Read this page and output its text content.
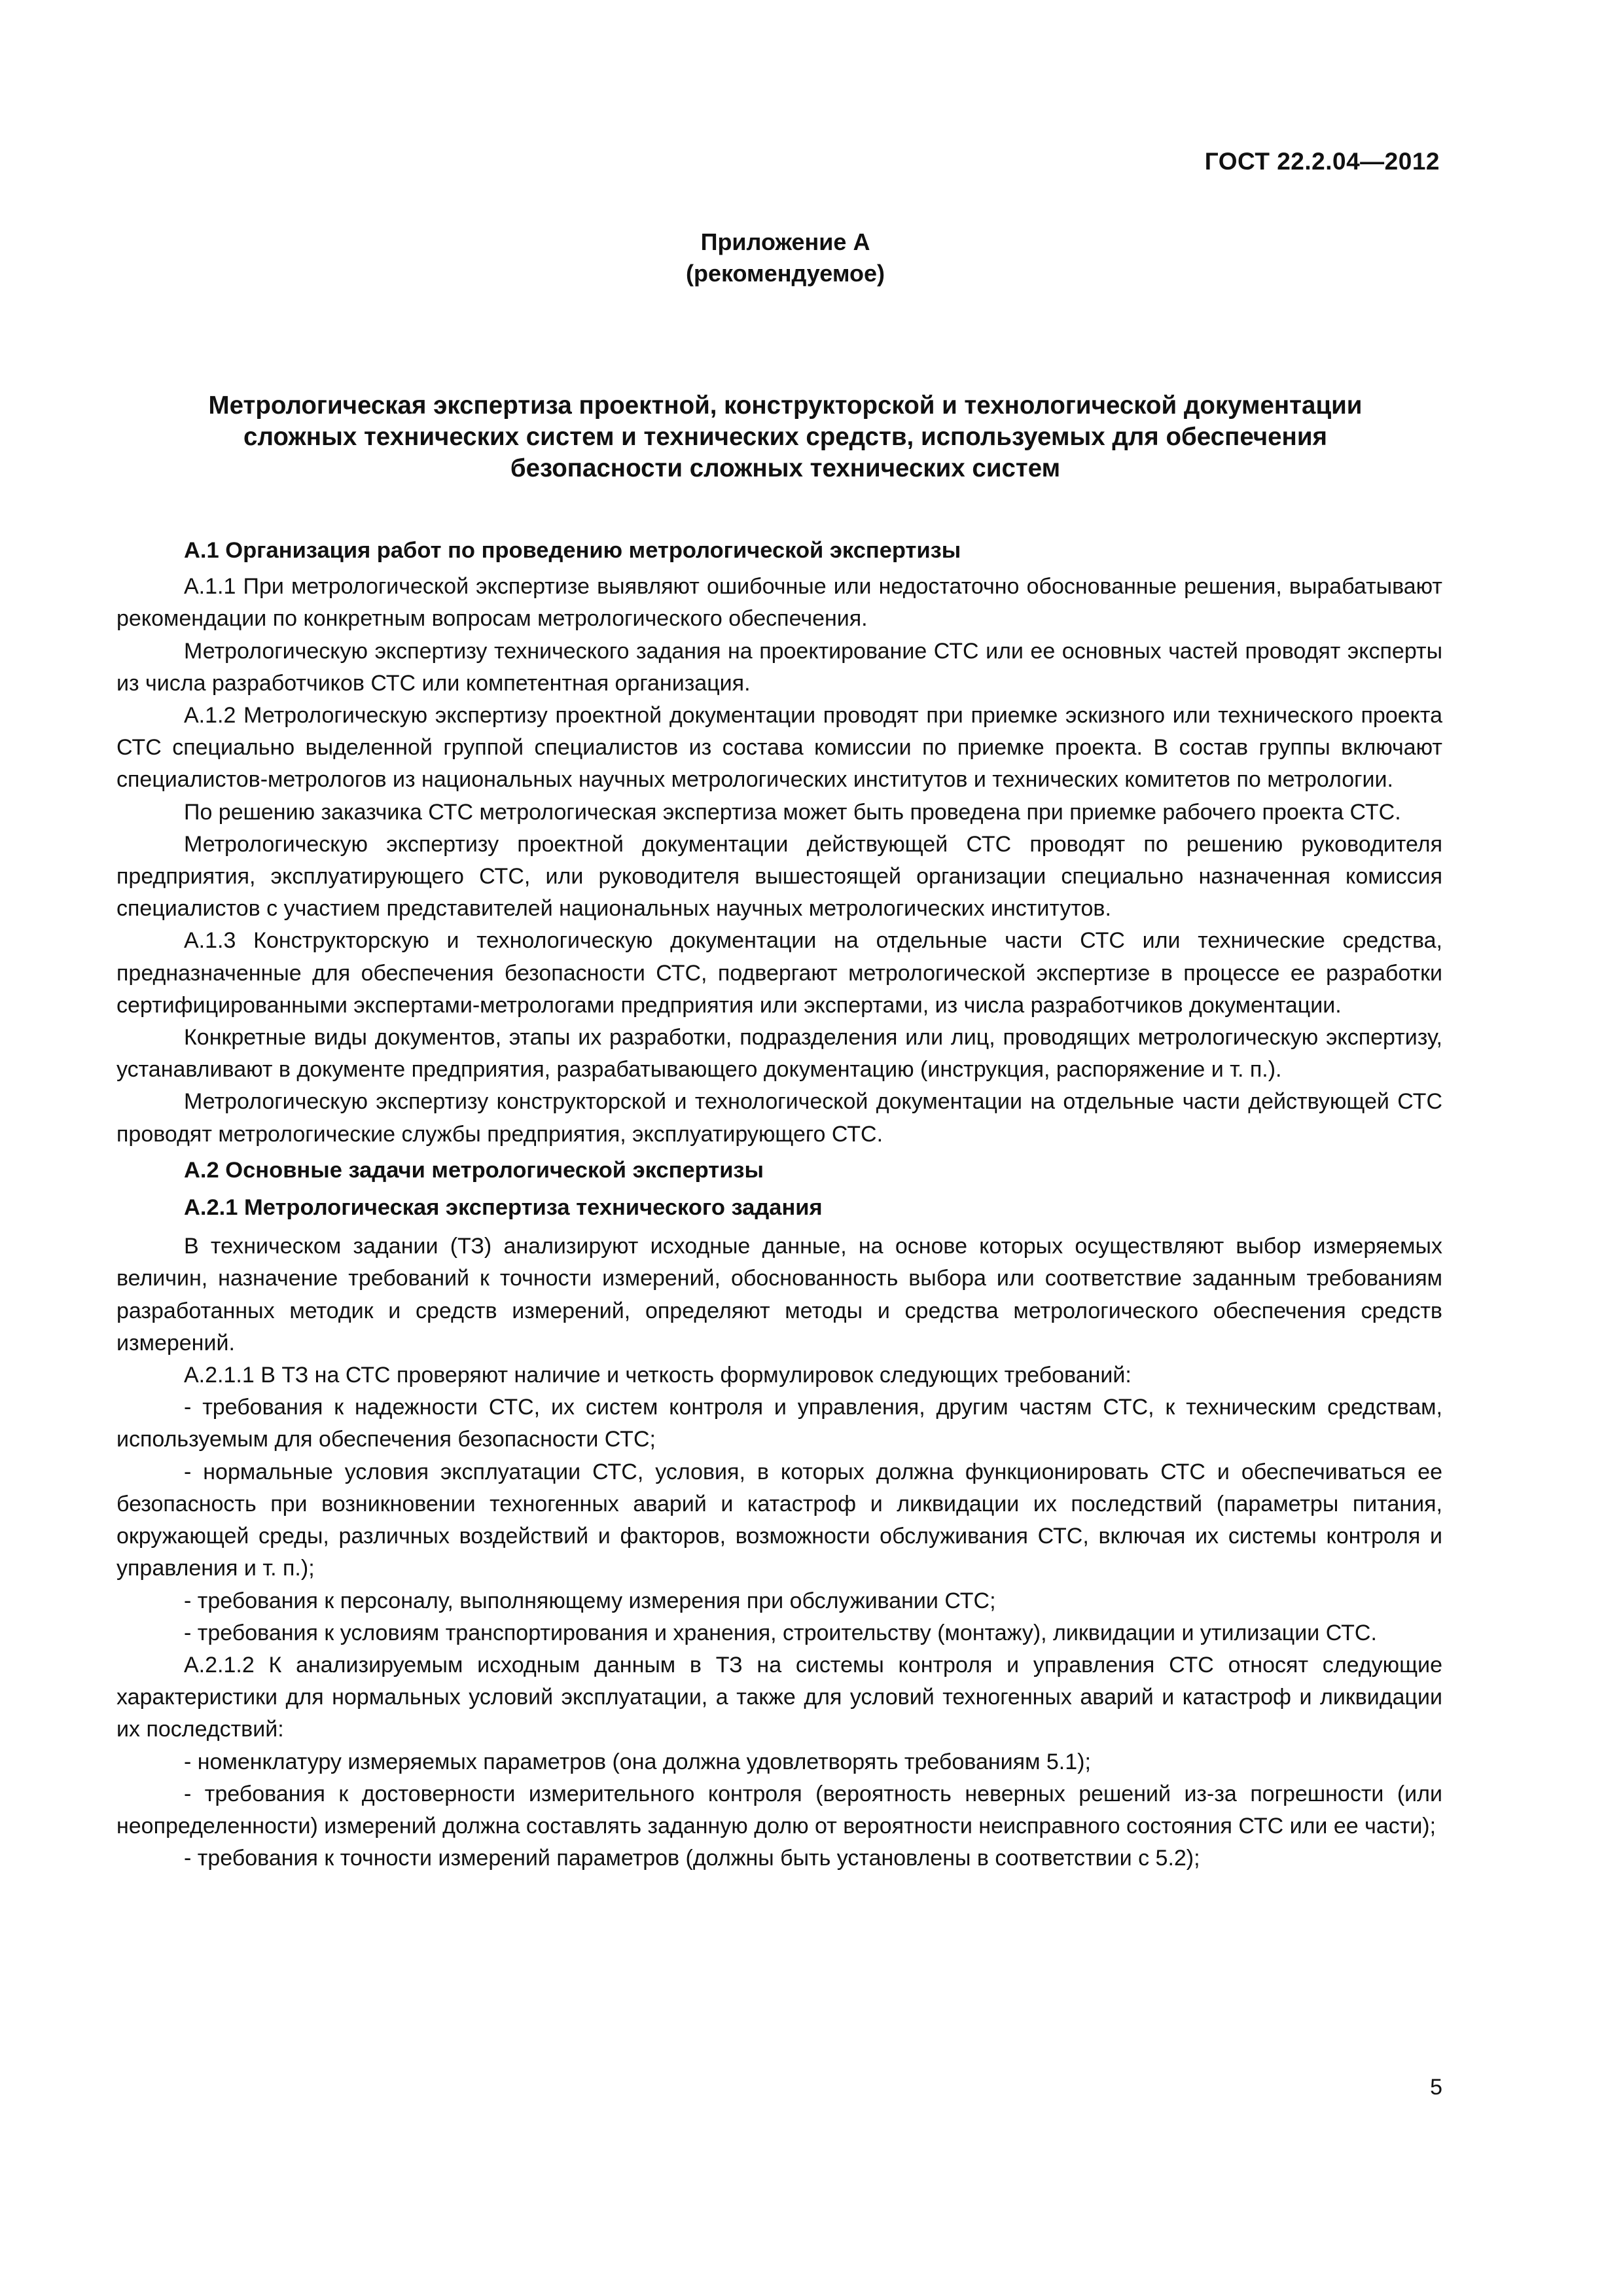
ГОСТ 22.2.04—2012
Приложение А
(рекомендуемое)
Метрологическая экспертиза проектной, конструкторской и технологической документации
сложных технических систем и технических средств, используемых для обеспечения
безопасности сложных технических систем
А.1 Организация работ по проведению метрологической экспертизы

А.1.1 При метрологической экспертизе выявляют ошибочные или недостаточно обоснованные решения, вырабатывают рекомендации по конкретным вопросам метрологического обеспечения.

Метрологическую экспертизу технического задания на проектирование СТС или ее основных частей проводят эксперты из числа разработчиков СТС или компетентная организация.

А.1.2 Метрологическую экспертизу проектной документации проводят при приемке эскизного или технического проекта СТС специально выделенной группой специалистов из состава комиссии по приемке проекта. В состав группы включают специалистов-метрологов из национальных научных метрологических институтов и технических комитетов по метрологии.

По решению заказчика СТС метрологическая экспертиза может быть проведена при приемке рабочего проекта СТС.

Метрологическую экспертизу проектной документации действующей СТС проводят по решению руководителя предприятия, эксплуатирующего СТС, или руководителя вышестоящей организации специально назначенная комиссия специалистов с участием представителей национальных научных метрологических институтов.

А.1.3 Конструкторскую и технологическую документации на отдельные части СТС или технические средства, предназначенные для обеспечения безопасности СТС, подвергают метрологической экспертизе в процессе ее разработки сертифицированными экспертами-метрологами предприятия или экспертами, из числа разработчиков документации.

Конкретные виды документов, этапы их разработки, подразделения или лиц, проводящих метрологическую экспертизу, устанавливают в документе предприятия, разрабатывающего документацию (инструкция, распоряжение и т. п.).

Метрологическую экспертизу конструкторской и технологической документации на отдельные части действующей СТС проводят метрологические службы предприятия, эксплуатирующего СТС.

А.2 Основные задачи метрологической экспертизы
А.2.1 Метрологическая экспертиза технического задания

В техническом задании (ТЗ) анализируют исходные данные, на основе которых осуществляют выбор измеряемых величин, назначение требований к точности измерений, обоснованность выбора или соответствие заданным требованиям разработанных методик и средств измерений, определяют методы и средства метрологического обеспечения средств измерений.

А.2.1.1 В ТЗ на СТС проверяют наличие и четкость формулировок следующих требований:

- требования к надежности СТС, их систем контроля и управления, другим частям СТС, к техническим средствам, используемым для обеспечения безопасности СТС;

- нормальные условия эксплуатации СТС, условия, в которых должна функционировать СТС и обеспечиваться ее безопасность при возникновении техногенных аварий и катастроф и ликвидации их последствий (параметры питания, окружающей среды, различных воздействий и факторов, возможности обслуживания СТС, включая их системы контроля и управления и т. п.);

- требования к персоналу, выполняющему измерения при обслуживании СТС;

- требования к условиям транспортирования и хранения, строительству (монтажу), ликвидации и утилизации СТС.

А.2.1.2 К анализируемым исходным данным в ТЗ на системы контроля и управления СТС относят следующие характеристики для нормальных условий эксплуатации, а также для условий техногенных аварий и катастроф и ликвидации их последствий:

- номенклатуру измеряемых параметров (она должна удовлетворять требованиям 5.1);

- требования к достоверности измерительного контроля (вероятность неверных решений из-за погрешности (или неопределенности) измерений должна составлять заданную долю от вероятности неисправного состояния СТС или ее части);

- требования к точности измерений параметров (должны быть установлены в соответствии с 5.2);

5
